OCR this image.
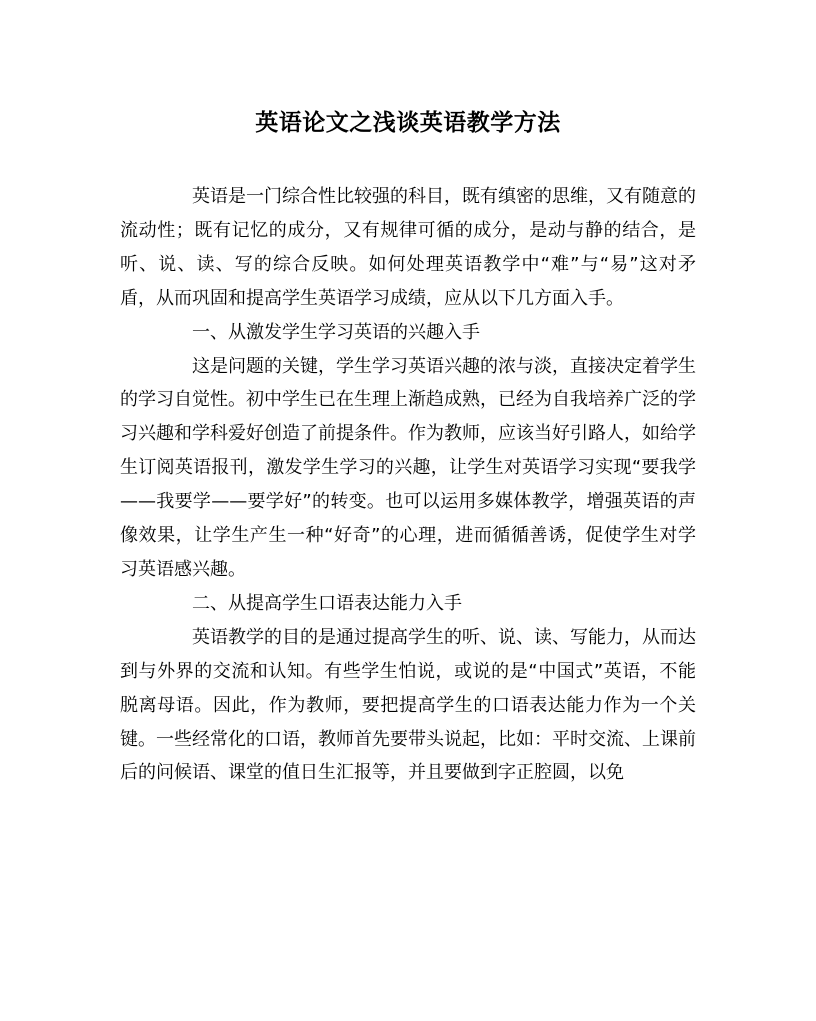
英语论文之浅谈英语教学方法

英语是一门综合性比较强的科目，既有缜密的思维，又有随意的流动性；既有记忆的成分，又有规律可循的成分，是动与静的结合，是听、说、读、写的综合反映。如何处理英语教学中“难”与“易”这对矛盾，从而巩固和提高学生英语学习成绩，应从以下几方面入手。

一、从激发学生学习英语的兴趣入手

这是问题的关键，学生学习英语兴趣的浓与淡，直接决定着学生的学习自觉性。初中学生已在生理上渐趋成熟，已经为自我培养广泛的学习兴趣和学科爱好创造了前提条件。作为教师，应该当好引路人，如给学生订阅英语报刊，激发学生学习的兴趣，让学生对英语学习实现“要我学——我要学——要学好”的转变。也可以运用多媒体教学，增强英语的声像效果，让学生产生一种“好奇”的心理，进而循循善诱，促使学生对学习英语感兴趣。

二、从提高学生口语表达能力入手

英语教学的目的是通过提高学生的听、说、读、写能力，从而达到与外界的交流和认知。有些学生怕说，或说的是“中国式”英语，不能脱离母语。因此，作为教师，要把提高学生的口语表达能力作为一个关键。一些经常化的口语，教师首先要带头说起，比如：平时交流、上课前后的问候语、课堂的值日生汇报等，并且要做到字正腔圆，以免
